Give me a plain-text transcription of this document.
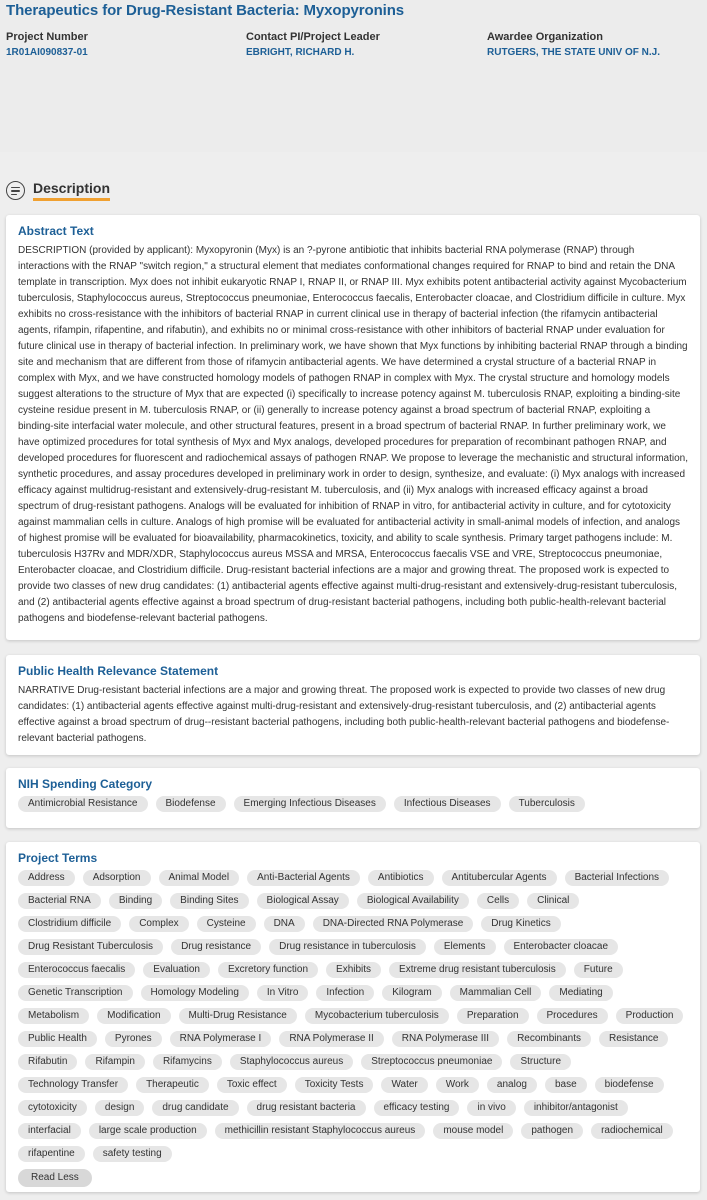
Therapeutics for Drug-Resistant Bacteria: Myxopyronins
Project Number
1R01AI090837-01
Contact PI/Project Leader
EBRIGHT, RICHARD H.
Awardee Organization
RUTGERS, THE STATE UNIV OF N.J.
Description
Abstract Text
DESCRIPTION (provided by applicant): Myxopyronin (Myx) is an ?-pyrone antibiotic that inhibits bacterial RNA polymerase (RNAP) through interactions with the RNAP "switch region," a structural element that mediates conformational changes required for RNAP to bind and retain the DNA template in transcription. Myx does not inhibit eukaryotic RNAP I, RNAP II, or RNAP III. Myx exhibits potent antibacterial activity against Mycobacterium tuberculosis, Staphylococcus aureus, Streptococcus pneumoniae, Enterococcus faecalis, Enterobacter cloacae, and Clostridium difficile in culture. Myx exhibits no cross-resistance with the inhibitors of bacterial RNAP in current clinical use in therapy of bacterial infection (the rifamycin antibacterial agents, rifampin, rifapentine, and rifabutin), and exhibits no or minimal cross-resistance with other inhibitors of bacterial RNAP under evaluation for future clinical use in therapy of bacterial infection. In preliminary work, we have shown that Myx functions by inhibiting bacterial RNAP through a binding site and mechanism that are different from those of rifamycin antibacterial agents. We have determined a crystal structure of a bacterial RNAP in complex with Myx, and we have constructed homology models of pathogen RNAP in complex with Myx. The crystal structure and homology models suggest alterations to the structure of Myx that are expected (i) specifically to increase potency against M. tuberculosis RNAP, exploiting a binding-site cysteine residue present in M. tuberculosis RNAP, or (ii) generally to increase potency against a broad spectrum of bacterial RNAP, exploiting a binding-site interfacial water molecule, and other structural features, present in a broad spectrum of bacterial RNAP. In further preliminary work, we have optimized procedures for total synthesis of Myx and Myx analogs, developed procedures for preparation of recombinant pathogen RNAP, and developed procedures for fluorescent and radiochemical assays of pathogen RNAP. We propose to leverage the mechanistic and structural information, synthetic procedures, and assay procedures developed in preliminary work in order to design, synthesize, and evaluate: (i) Myx analogs with increased efficacy against multidrug-resistant and extensively-drug-resistant M. tuberculosis, and (ii) Myx analogs with increased efficacy against a broad spectrum of drug-resistant pathogens. Analogs will be evaluated for inhibition of RNAP in vitro, for antibacterial activity in culture, and for cytotoxicity against mammalian cells in culture. Analogs of high promise will be evaluated for antibacterial activity in small-animal models of infection, and analogs of highest promise will be evaluated for bioavailability, pharmacokinetics, toxicity, and ability to scale synthesis. Primary target pathogens include: M. tuberculosis H37Rv and MDR/XDR, Staphylococcus aureus MSSA and MRSA, Enterococcus faecalis VSE and VRE, Streptococcus pneumoniae, Enterobacter cloacae, and Clostridium difficile. Drug-resistant bacterial infections are a major and growing threat. The proposed work is expected to provide two classes of new drug candidates: (1) antibacterial agents effective against multi-drug-resistant and extensively-drug-resistant tuberculosis, and (2) antibacterial agents effective against a broad spectrum of drug-resistant bacterial pathogens, including both public-health-relevant bacterial pathogens and biodefense-relevant bacterial pathogens.
Public Health Relevance Statement
NARRATIVE Drug-resistant bacterial infections are a major and growing threat. The proposed work is expected to provide two classes of new drug candidates: (1) antibacterial agents effective against multi-drug-resistant and extensively-drug-resistant tuberculosis, and (2) antibacterial agents effective against a broad spectrum of drug--resistant bacterial pathogens, including both public-health-relevant bacterial pathogens and biodefense-relevant bacterial pathogens.
NIH Spending Category
Antimicrobial Resistance	Biodefense	Emerging Infectious Diseases	Infectious Diseases	Tuberculosis
Project Terms
Address	Adsorption	Animal Model	Anti-Bacterial Agents	Antibiotics	Antitubercular Agents	Bacterial Infections
Bacterial RNA	Binding	Binding Sites	Biological Assay	Biological Availability	Cells	Clinical
Clostridium difficile	Complex	Cysteine	DNA	DNA-Directed RNA Polymerase	Drug Kinetics
Drug Resistant Tuberculosis	Drug resistance	Drug resistance in tuberculosis	Elements	Enterobacter cloacae
Enterococcus faecalis	Evaluation	Excretory function	Exhibits	Extreme drug resistant tuberculosis	Future
Genetic Transcription	Homology Modeling	In Vitro	Infection	Kilogram	Mammalian Cell	Mediating
Metabolism	Modification	Multi-Drug Resistance	Mycobacterium tuberculosis	Preparation	Procedures	Production
Public Health	Pyrones	RNA Polymerase I	RNA Polymerase II	RNA Polymerase III	Recombinants	Resistance
Rifabutin	Rifampin	Rifamycins	Staphylococcus aureus	Streptococcus pneumoniae	Structure
Technology Transfer	Therapeutic	Toxic effect	Toxicity Tests	Water	Work	analog	base	biodefense
cytotoxicity	design	drug candidate	drug resistant bacteria	efficacy testing	in vivo	inhibitor/antagonist
interfacial	large scale production	methicillin resistant Staphylococcus aureus	mouse model	pathogen	radiochemical
rifapentine	safety testing
Read Less
